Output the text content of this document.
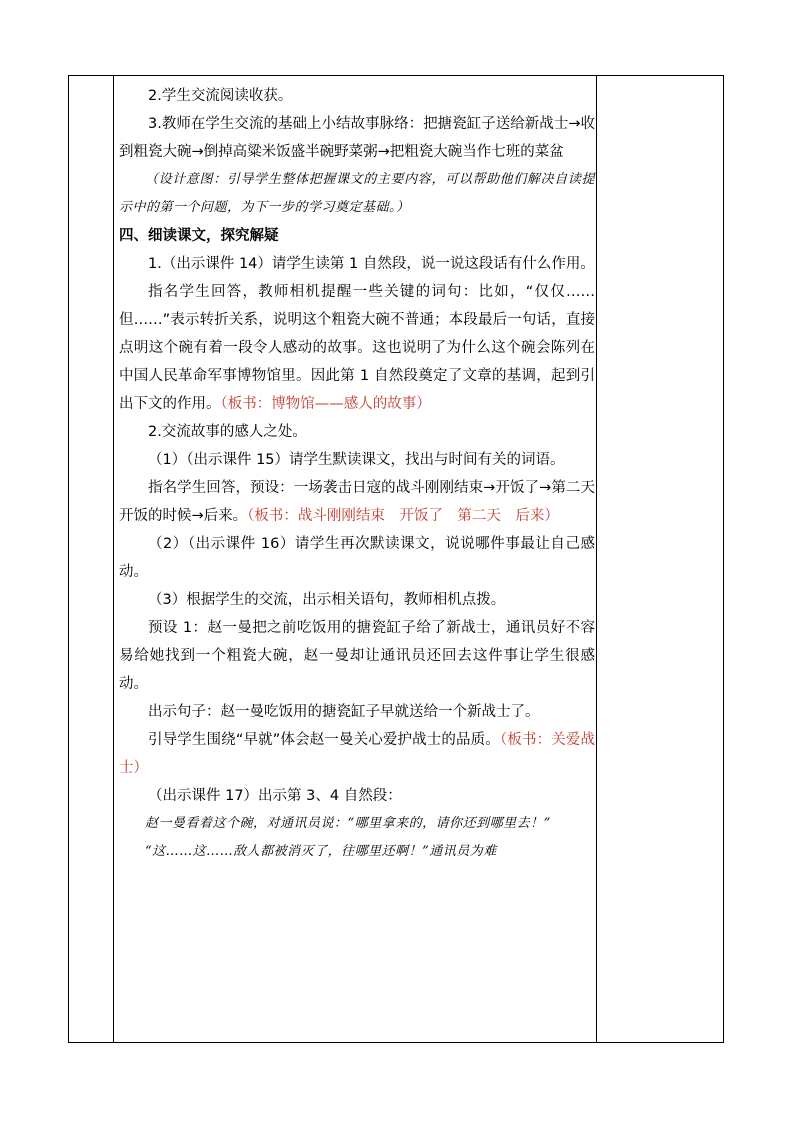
2.学生交流阅读收获。

3.教师在学生交流的基础上小结故事脉络：把搪瓷缸子送给新战士→收到粗瓷大碗→倒掉高粱米饭盛半碗野菜粥→把粗瓷大碗当作七班的菜盆

（设计意图：引导学生整体把握课文的主要内容，可以帮助他们解决自读提示中的第一个问题，为下一步的学习奠定基础。）

四、细读课文，探究解疑

1.（出示课件 14）请学生读第 1 自然段，说一说这段话有什么作用。

指名学生回答，教师相机提醒一些关键的词句：比如，“仅仅……但……”表示转折关系，说明这个粗瓷大碗不普通；本段最后一句话，直接点明这个碗有着一段令人感动的故事。这也说明了为什么这个碗会陈列在中国人民革命军事博物馆里。因此第 1 自然段奠定了文章的基调，起到引出下文的作用。（板书：博物馆——感人的故事）

2.交流故事的感人之处。

（1）（出示课件 15）请学生默读课文，找出与时间有关的词语。

指名学生回答，预设：一场袭击日寇的战斗刚刚结束→开饭了→第二天开饭的时候→后来。（板书：战斗刚刚结束　开饭了　第二天　后来）

（2）（出示课件 16）请学生再次默读课文，说说哪件事最让自己感动。

（3）根据学生的交流，出示相关语句，教师相机点拨。

预设 1：赵一曼把之前吃饭用的搪瓷缸子给了新战士，通讯员好不容易给她找到一个粗瓷大碗，赵一曼却让通讯员还回去这件事让学生很感动。

出示句子：赵一曼吃饭用的搪瓷缸子早就送给一个新战士了。

引导学生围绕“早就”体会赵一曼关心爱护战士的品质。（板书：关爱战士）

（出示课件 17）出示第 3、4 自然段：

赵一曼看着这个碗，对通讯员说：“哪里拿来的，请你还到哪里去！”

“这……这……敌人都被消灭了，往哪里还啊！”通讯员为难
